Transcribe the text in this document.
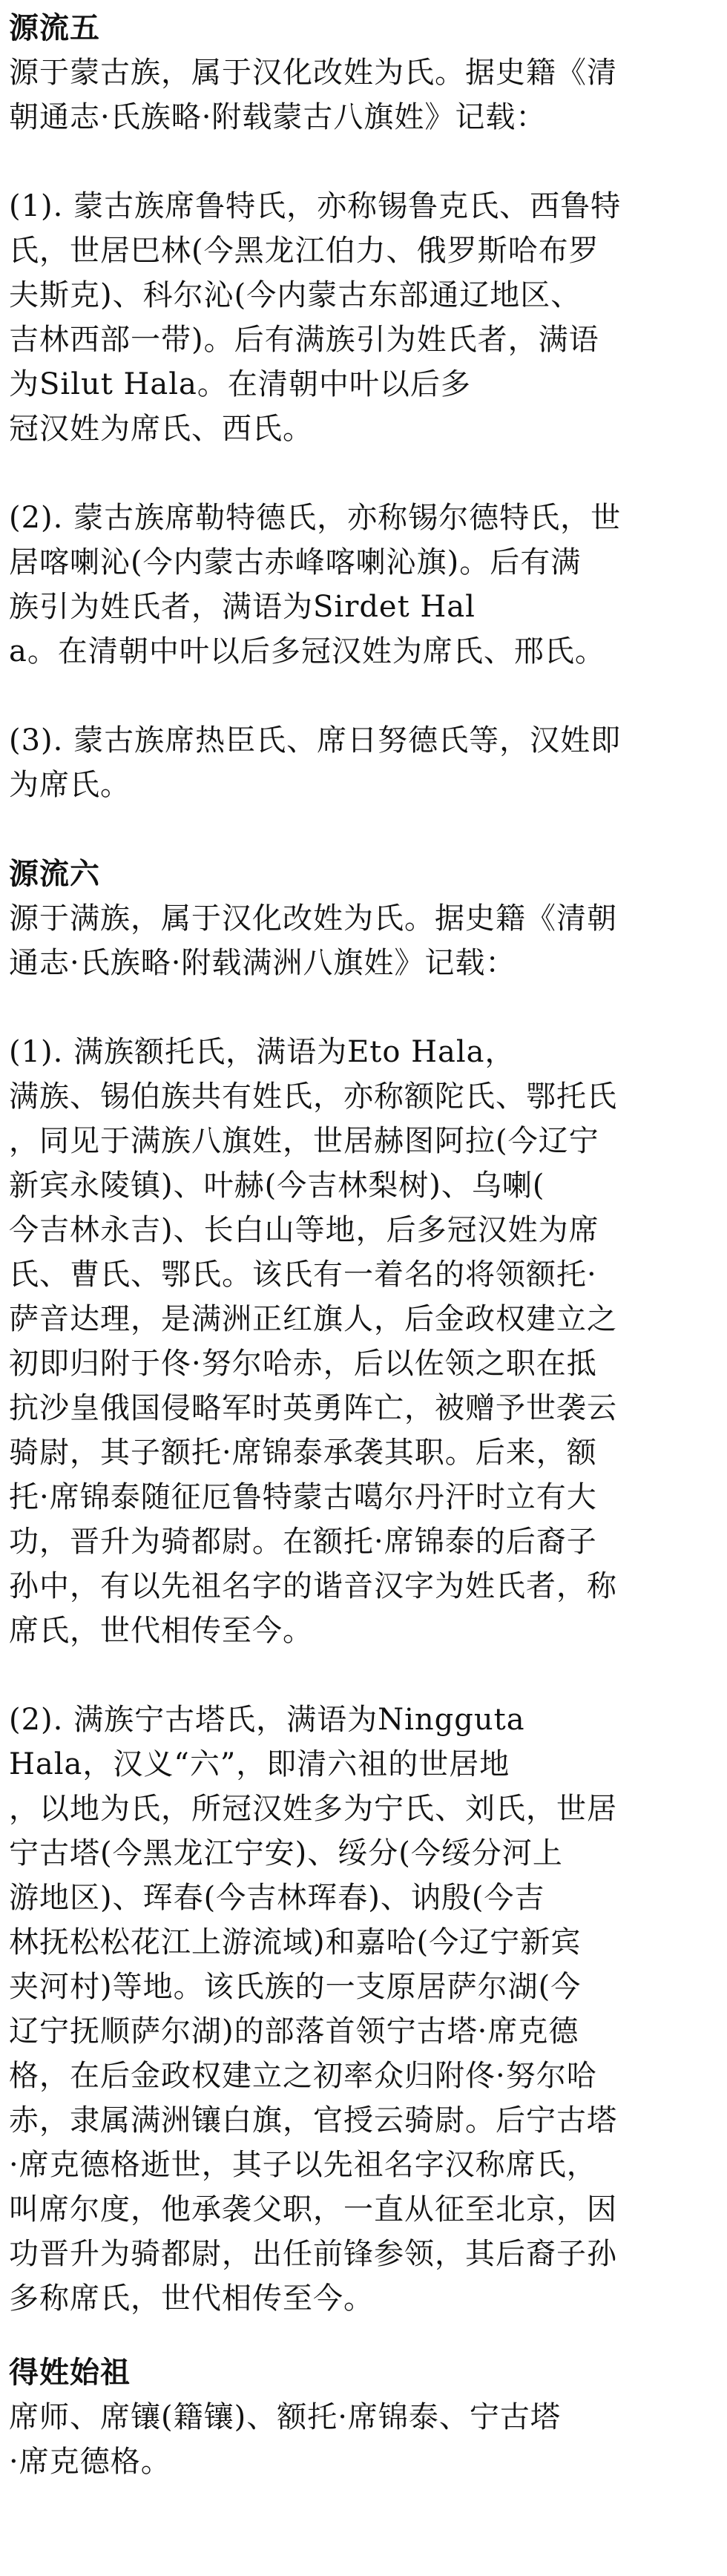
源流五
源于蒙古族，属于汉化改姓为氏。据史籍《清
朝通志·氏族略·附载蒙古八旗姓》记载：
(1). 蒙古族席鲁特氏，亦称锡鲁克氏、西鲁特
氏，世居巴林(今黑龙江伯力、俄罗斯哈布罗
夫斯克)、科尔沁(今内蒙古东部通辽地区、
吉林西部一带)。后有满族引为姓氏者，满语
为Silut Hala。在清朝中叶以后多
冠汉姓为席氏、西氏。
(2). 蒙古族席勒特德氏，亦称锡尔德特氏，世
居喀喇沁(今内蒙古赤峰喀喇沁旗)。后有满
族引为姓氏者，满语为Sirdet Hal
a。在清朝中叶以后多冠汉姓为席氏、邢氏。
(3). 蒙古族席热臣氏、席日努德氏等，汉姓即
为席氏。
源流六
源于满族，属于汉化改姓为氏。据史籍《清朝
通志·氏族略·附载满洲八旗姓》记载：
(1). 满族额托氏，满语为Eto Hala，
满族、锡伯族共有姓氏，亦称额陀氏、鄂托氏
，同见于满族八旗姓，世居赫图阿拉(今辽宁
新宾永陵镇)、叶赫(今吉林梨树)、乌喇(
今吉林永吉)、长白山等地，后多冠汉姓为席
氏、曹氏、鄂氏。该氏有一着名的将领额托·
萨音达理，是满洲正红旗人，后金政权建立之
初即归附于佟·努尔哈赤，后以佐领之职在抵
抗沙皇俄国侵略军时英勇阵亡，被赠予世袭云
骑尉，其子额托·席锦泰承袭其职。后来，额
托·席锦泰随征厄鲁特蒙古噶尔丹汗时立有大
功，晋升为骑都尉。在额托·席锦泰的后裔子
孙中，有以先祖名字的谐音汉字为姓氏者，称
席氏，世代相传至今。
(2). 满族宁古塔氏，满语为Ningguta
Hala，汉义“六”，即清六祖的世居地
，以地为氏，所冠汉姓多为宁氏、刘氏，世居
宁古塔(今黑龙江宁安)、绥分(今绥分河上
游地区)、珲春(今吉林珲春)、讷殷(今吉
林抚松松花江上游流域)和嘉哈(今辽宁新宾
夹河村)等地。该氏族的一支原居萨尔湖(今
辽宁抚顺萨尔湖)的部落首领宁古塔·席克德
格，在后金政权建立之初率众归附佟·努尔哈
赤，隶属满洲镶白旗，官授云骑尉。后宁古塔
·席克德格逝世，其子以先祖名字汉称席氏，
叫席尔度，他承袭父职，一直从征至北京，因
功晋升为骑都尉，出任前锋参领，其后裔子孙
多称席氏，世代相传至今。
得姓始祖
席师、席镶(籍镶)、额托·席锦泰、宁古塔
·席克德格。
